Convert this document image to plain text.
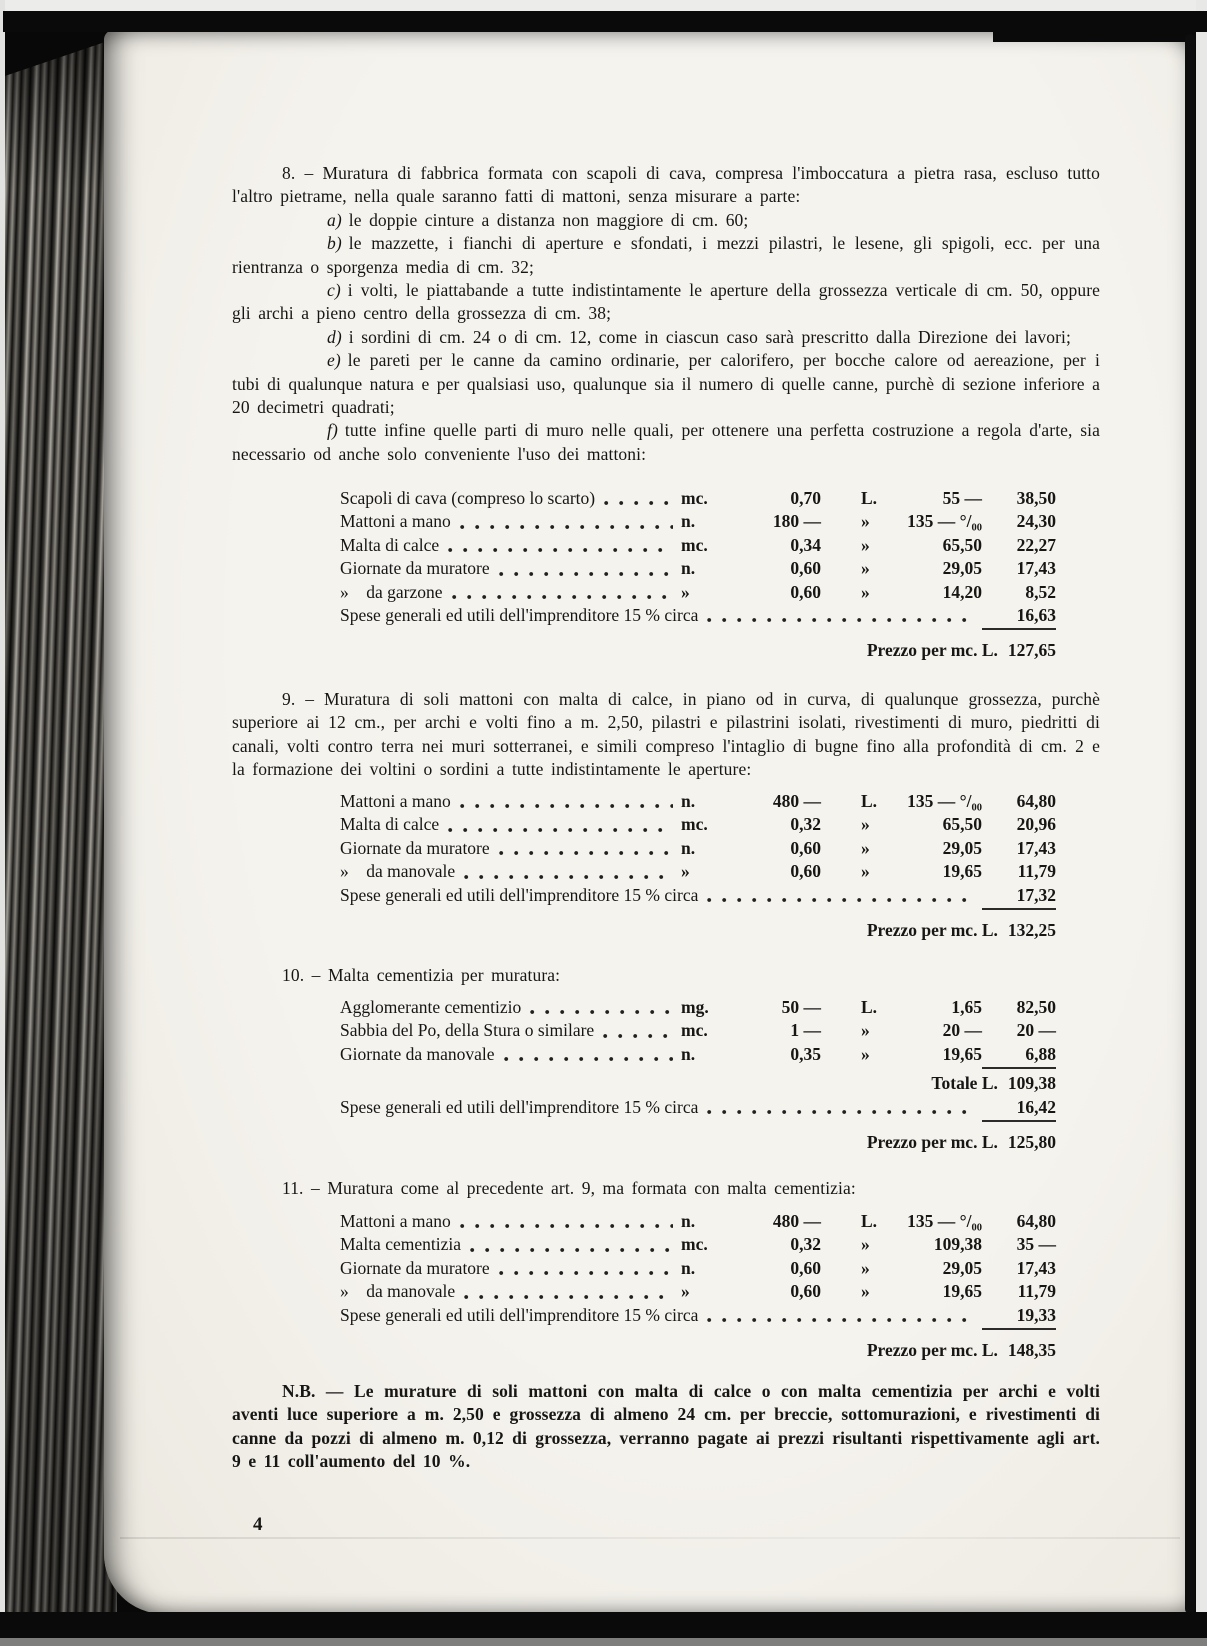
8. – Muratura di fabbrica formata con scapoli di cava, compresa l'imboccatura a pietra rasa, escluso tutto l'altro pietrame, nella quale saranno fatti di mattoni, senza misurare a parte:

a) le doppie cinture a distanza non maggiore di cm. 60;

b) le mazzette, i fianchi di aperture e sfondati, i mezzi pilastri, le lesene, gli spigoli, ecc. per una rientranza o sporgenza media di cm. 32;

c) i volti, le piattabande a tutte indistintamente le aperture della grossezza verticale di cm. 50, oppure gli archi a pieno centro della grossezza di cm. 38;

d) i sordini di cm. 24 o di cm. 12, come in ciascun caso sarà prescritto dalla Direzione dei lavori;

e) le pareti per le canne da camino ordinarie, per calorifero, per bocche calore od aereazione, per i tubi di qualunque natura e per qualsiasi uso, qualunque sia il numero di quelle canne, purchè di sezione inferiore a 20 decimetri quadrati;

f) tutte infine quelle parti di muro nelle quali, per ottenere una perfetta costruzione a regola d'arte, sia necessario od anche solo conveniente l'uso dei mattoni:

Scapoli di cava (compreso lo scarto)	mc.	0,70 L.	55 —	38,50
Mattoni a mano	n.	180 — »	135 — °/₀₀	24,30
Malta di calce	mc.	0,34 »	65,50	22,27
Giornate da muratore	n.	0,60 »	29,05	17,43
» da garzone	»	0,60 »	14,20	8,52
Spese generali ed utili dell'imprenditore 15 % circa	16,63
Prezzo per mc. L. 127,65

9. – Muratura di soli mattoni con malta di calce, in piano od in curva, di qualunque grossezza, purchè superiore ai 12 cm., per archi e volti fino a m. 2,50, pilastri e pilastrini isolati, rivestimenti di muro, piedritti di canali, volti contro terra nei muri sotterranei, e simili compreso l'intaglio di bugne fino alla profondità di cm. 2 e la formazione dei voltini o sordini a tutte indistintamente le aperture:

Mattoni a mano	n.	480 — L.	135 — °/₀₀	64,80
Malta di calce	mc.	0,32 »	65,50	20,96
Giornate da muratore	n.	0,60 »	29,05	17,43
» da manovale	»	0,60 »	19,65	11,79
Spese generali ed utili dell'imprenditore 15 % circa	17,32
Prezzo per mc. L. 132,25

10. – Malta cementizia per muratura:

Agglomerante cementizio	mg.	50 — L.	1,65	82,50
Sabbia del Po, della Stura o similare	mc.	1 — »	20 —	20 —
Giornate da manovale	n.	0,35 »	19,65	6,88
Totale L. 109,38
Spese generali ed utili dell'imprenditore 15 % circa	16,42
Prezzo per mc. L. 125,80

11. – Muratura come al precedente art. 9, ma formata con malta cementizia:

Mattoni a mano	n.	480 — L.	135 — °/₀₀	64,80
Malta cementizia	mc.	0,32 »	109,38	35 —
Giornate da muratore	n.	0,60 »	29,05	17,43
» da manovale	»	0,60 »	19,65	11,79
Spese generali ed utili dell'imprenditore 15 % circa	19,33
Prezzo per mc. L. 148,35

N.B. — Le murature di soli mattoni con malta di calce o con malta cementizia per archi e volti aventi luce superiore a m. 2,50 e grossezza di almeno 24 cm. per breccie, sottomurazioni, e rivestimenti di canne da pozzi di almeno m. 0,12 di grossezza, verranno pagate ai prezzi risultanti rispettivamente agli art. 9 e 11 coll'aumento del 10 %.

4
